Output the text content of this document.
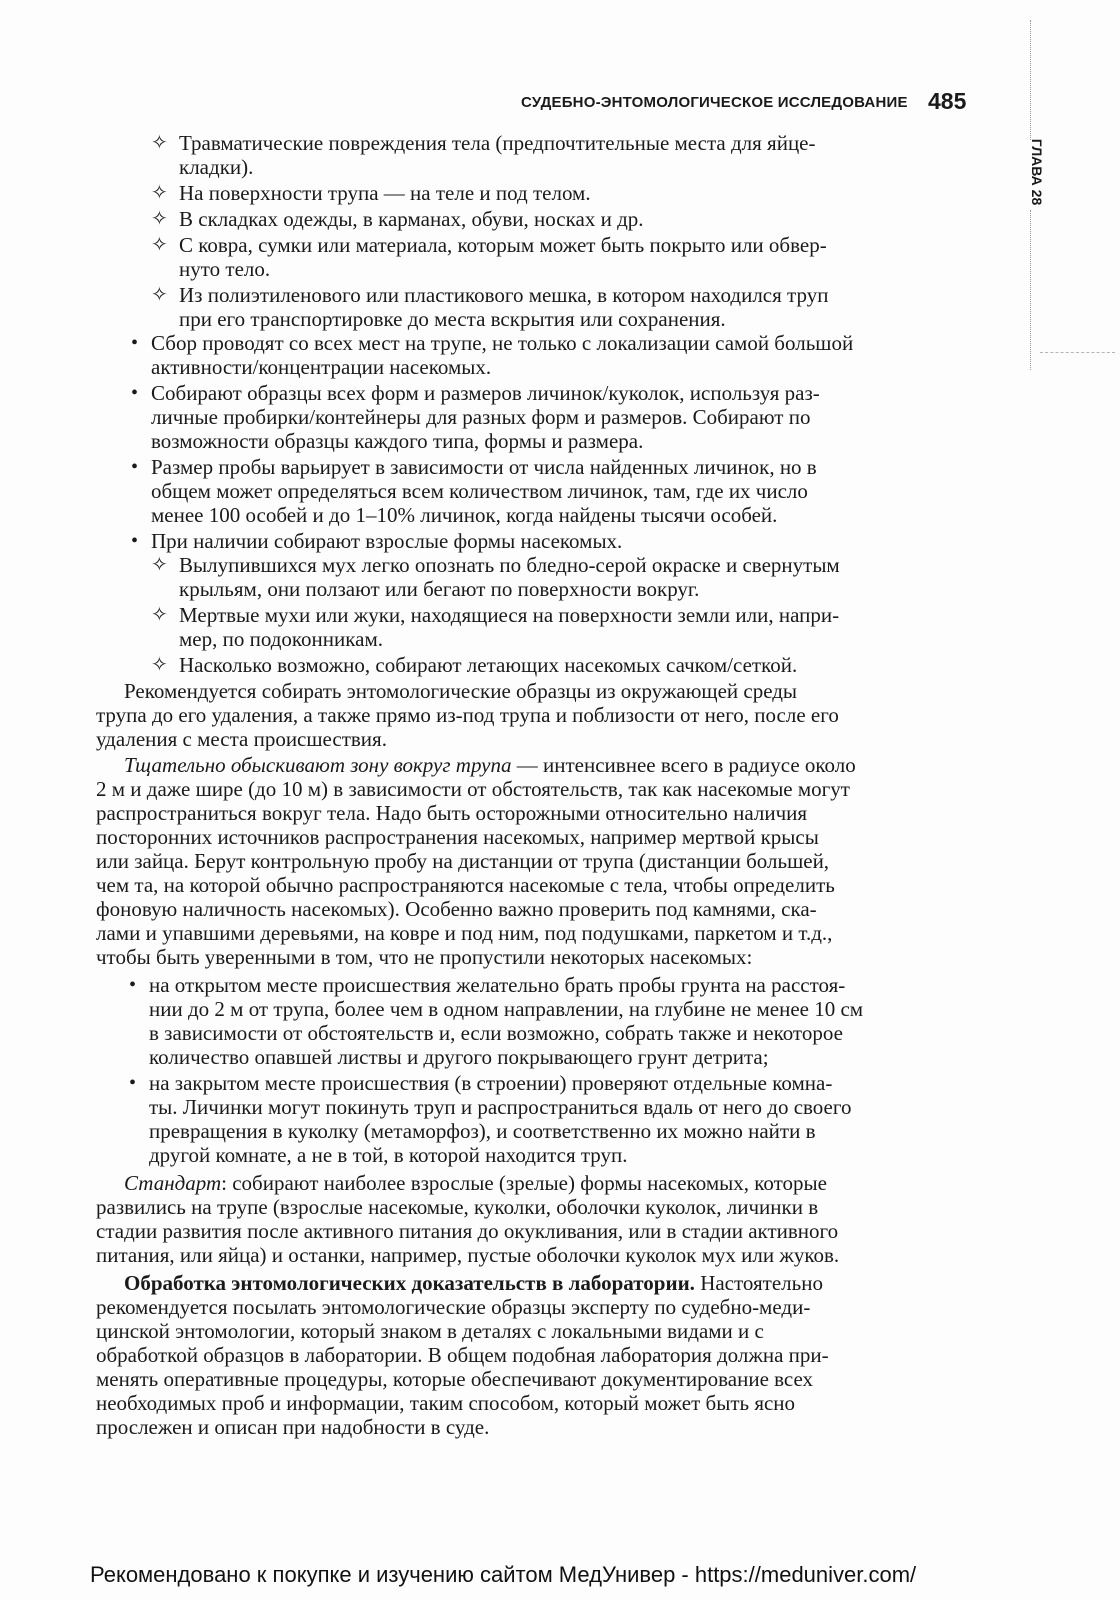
СУДЕБНО-ЭНТОМОЛОГИЧЕСКОЕ ИССЛЕДОВАНИЕ 485
ГЛАВА 28
✧ Травматические повреждения тела (предпочтительные места для яйце-
кладки).
✧ На поверхности трупа — на теле и под телом.
✧ В складках одежды, в карманах, обуви, носках и др.
✧ С ковра, сумки или материала, которым может быть покрыто или обвер-
нуто тело.
✧ Из полиэтиленового или пластикового мешка, в котором находился труп
при его транспортировке до места вскрытия или сохранения.
• Сбор проводят со всех мест на трупе, не только с локализации самой большой
активности/концентрации насекомых.
• Собирают образцы всех форм и размеров личинок/куколок, используя раз-
личные пробирки/контейнеры для разных форм и размеров. Собирают по
возможности образцы каждого типа, формы и размера.
• Размер пробы варьирует в зависимости от числа найденных личинок, но в
общем может определяться всем количеством личинок, там, где их число
менее 100 особей и до 1–10% личинок, когда найдены тысячи особей.
• При наличии собирают взрослые формы насекомых.
✧ Вылупившихся мух легко опознать по бледно-серой окраске и свернутым
крыльям, они ползают или бегают по поверхности вокруг.
✧ Мертвые мухи или жуки, находящиеся на поверхности земли или, напри-
мер, по подоконникам.
✧ Насколько возможно, собирают летающих насекомых сачком/сеткой.
Рекомендуется собирать энтомологические образцы из окружающей среды
трупа до его удаления, а также прямо из-под трупа и поблизости от него, после его
удаления с места происшествия.
Тщательно обыскивают зону вокруг трупа — интенсивнее всего в радиусе около
2 м и даже шире (до 10 м) в зависимости от обстоятельств, так как насекомые могут
распространиться вокруг тела. Надо быть осторожными относительно наличия
посторонних источников распространения насекомых, например мертвой крысы
или зайца. Берут контрольную пробу на дистанции от трупа (дистанции большей,
чем та, на которой обычно распространяются насекомые с тела, чтобы определить
фоновую наличность насекомых). Особенно важно проверить под камнями, ска-
лами и упавшими деревьями, на ковре и под ним, под подушками, паркетом и т.д.,
чтобы быть уверенными в том, что не пропустили некоторых насекомых:
• на открытом месте происшествия желательно брать пробы грунта на расстоя-
нии до 2 м от трупа, более чем в одном направлении, на глубине не менее 10 см
в зависимости от обстоятельств и, если возможно, собрать также и некоторое
количество опавшей листвы и другого покрывающего грунт детрита;
• на закрытом месте происшествия (в строении) проверяют отдельные комна-
ты. Личинки могут покинуть труп и распространиться вдаль от него до своего
превращения в куколку (метаморфоз), и соответственно их можно найти в
другой комнате, а не в той, в которой находится труп.
Стандарт: собирают наиболее взрослые (зрелые) формы насекомых, которые
развились на трупе (взрослые насекомые, куколки, оболочки куколок, личинки в
стадии развития после активного питания до окукливания, или в стадии активного
питания, или яйца) и останки, например, пустые оболочки куколок мух или жуков.
Обработка энтомологических доказательств в лаборатории. Настоятельно
рекомендуется посылать энтомологические образцы эксперту по судебно-меди-
цинской энтомологии, который знаком в деталях с локальными видами и с
обработкой образцов в лаборатории. В общем подобная лаборатория должна при-
менять оперативные процедуры, которые обеспечивают документирование всех
необходимых проб и информации, таким способом, который может быть ясно
прослежен и описан при надобности в суде.
Рекомендовано к покупке и изучению сайтом МедУнивер - https://meduniver.com/
